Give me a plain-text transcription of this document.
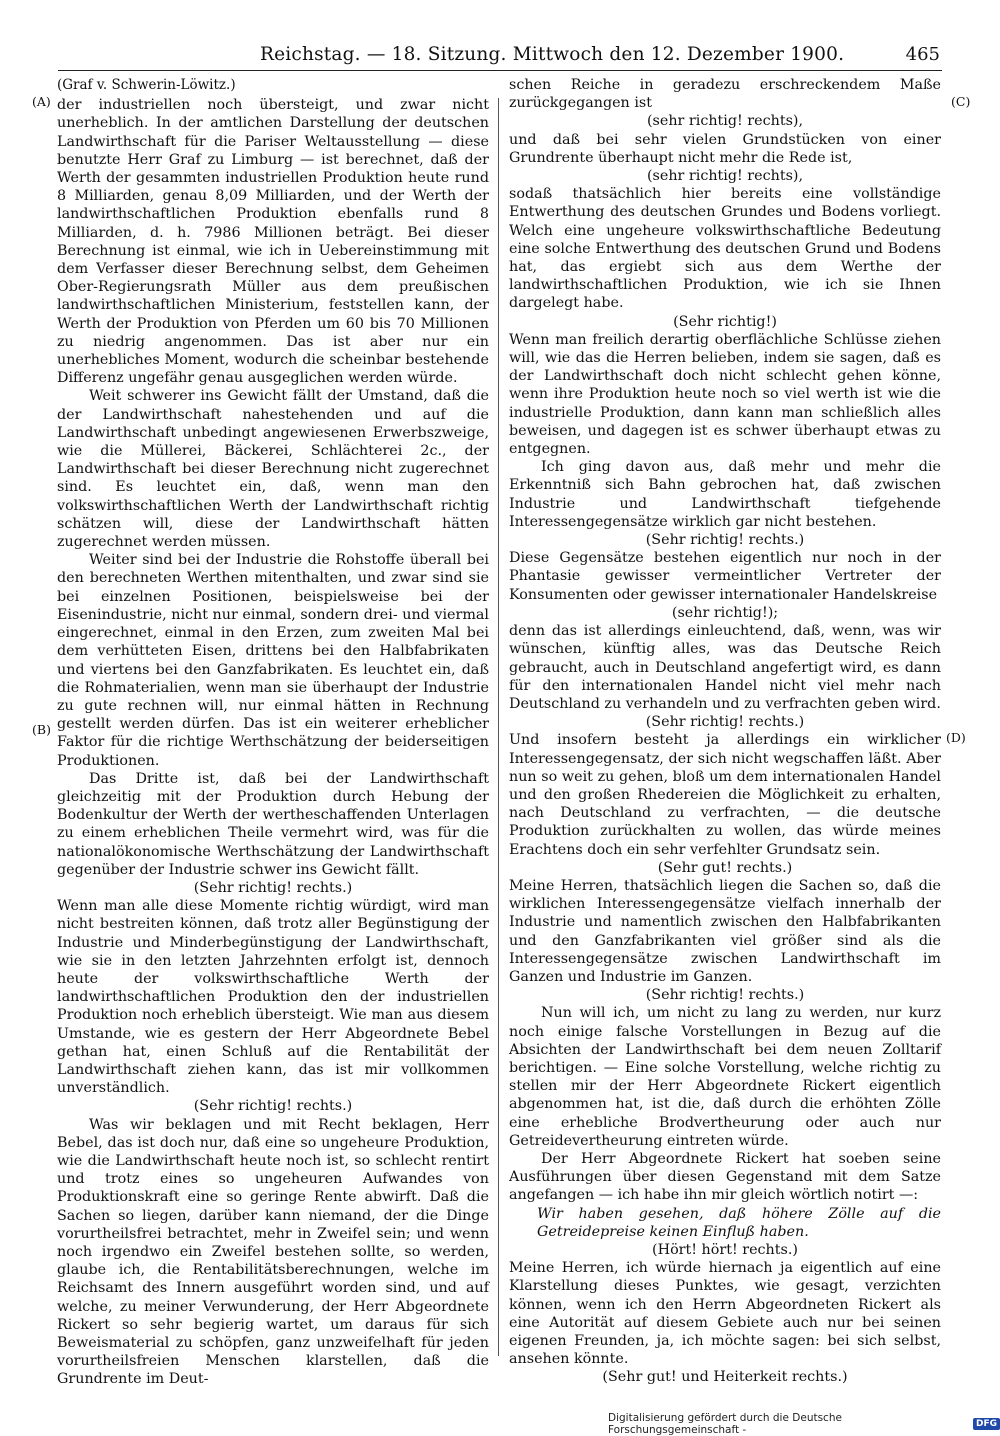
Reichstag. — 18. Sitzung. Mittwoch den 12. Dezember 1900.	465
(A)
(B)
(C)
(D)

(Graf v. Schwerin-Löwitz.)

der industriellen noch übersteigt, und zwar nicht unerheblich. In der amtlichen Darstellung der deutschen Landwirthschaft für die Pariser Weltausstellung — diese benutzte Herr Graf zu Limburg — ist berechnet, daß der Werth der gesammten industriellen Produktion heute rund 8 Milliarden, genau 8,09 Milliarden, und der Werth der landwirthschaftlichen Produktion ebenfalls rund 8 Milliarden, d. h. 7986 Millionen beträgt. Bei dieser Berechnung ist einmal, wie ich in Uebereinstimmung mit dem Verfasser dieser Berechnung selbst, dem Geheimen Ober-Regierungsrath Müller aus dem preußischen landwirthschaftlichen Ministerium, feststellen kann, der Werth der Produktion von Pferden um 60 bis 70 Millionen zu niedrig angenommen. Das ist aber nur ein unerhebliches Moment, wodurch die scheinbar bestehende Differenz ungefähr genau ausgeglichen werden würde.

Weit schwerer ins Gewicht fällt der Umstand, daß die der Landwirthschaft nahestehenden und auf die Landwirthschaft unbedingt angewiesenen Erwerbszweige, wie die Müllerei, Bäckerei, Schlächterei 2c., der Landwirthschaft bei dieser Berechnung nicht zugerechnet sind. Es leuchtet ein, daß, wenn man den volkswirthschaftlichen Werth der Landwirthschaft richtig schätzen will, diese der Landwirthschaft hätten zugerechnet werden müssen.

Weiter sind bei der Industrie die Rohstoffe überall bei den berechneten Werthen mitenthalten, und zwar sind sie bei einzelnen Positionen, beispielsweise bei der Eisenindustrie, nicht nur einmal, sondern drei- und viermal eingerechnet, einmal in den Erzen, zum zweiten Mal bei dem verhütteten Eisen, drittens bei den Halbfabrikaten und viertens bei den Ganzfabrikaten. Es leuchtet ein, daß die Rohmaterialien, wenn man sie überhaupt der Industrie zu gute rechnen will, nur einmal hätten in Rechnung gestellt werden dürfen. Das ist ein weiterer erheblicher Faktor für die richtige Werthschätzung der beiderseitigen Produktionen.

Das Dritte ist, daß bei der Landwirthschaft gleichzeitig mit der Produktion durch Hebung der Bodenkultur der Werth der wertheschaffenden Unterlagen zu einem erheblichen Theile vermehrt wird, was für die nationalökonomische Werthschätzung der Landwirthschaft gegenüber der Industrie schwer ins Gewicht fällt.

(Sehr richtig! rechts.)

Wenn man alle diese Momente richtig würdigt, wird man nicht bestreiten können, daß trotz aller Begünstigung der Industrie und Minderbegünstigung der Landwirthschaft, wie sie in den letzten Jahrzehnten erfolgt ist, dennoch heute der volkswirthschaftliche Werth der landwirthschaftlichen Produktion den der industriellen Produktion noch erheblich übersteigt. Wie man aus diesem Umstande, wie es gestern der Herr Abgeordnete Bebel gethan hat, einen Schluß auf die Rentabilität der Landwirthschaft ziehen kann, das ist mir vollkommen unverständlich.

(Sehr richtig! rechts.)

Was wir beklagen und mit Recht beklagen, Herr Bebel, das ist doch nur, daß eine so ungeheure Produktion, wie die Landwirthschaft heute noch ist, so schlecht rentirt und trotz eines so ungeheuren Aufwandes von Produktionskraft eine so geringe Rente abwirft. Daß die Sachen so liegen, darüber kann niemand, der die Dinge vorurtheilsfrei betrachtet, mehr in Zweifel sein; und wenn noch irgendwo ein Zweifel bestehen sollte, so werden, glaube ich, die Rentabilitätsberechnungen, welche im Reichsamt des Innern ausgeführt worden sind, und auf welche, zu meiner Verwunderung, der Herr Abgeordnete Rickert so sehr begierig wartet, um daraus für sich Beweismaterial zu schöpfen, ganz unzweifelhaft für jeden vorurtheilsfreien Menschen klarstellen, daß die Grundrente im Deut-

schen Reiche in geradezu erschreckendem Maße zurückgegangen ist

(sehr richtig! rechts),

und daß bei sehr vielen Grundstücken von einer Grundrente überhaupt nicht mehr die Rede ist,

(sehr richtig! rechts),

sodaß thatsächlich hier bereits eine vollständige Entwerthung des deutschen Grundes und Bodens vorliegt. Welch eine ungeheure volkswirthschaftliche Bedeutung eine solche Entwerthung des deutschen Grund und Bodens hat, das ergiebt sich aus dem Werthe der landwirthschaftlichen Produktion, wie ich sie Ihnen dargelegt habe.

(Sehr richtig!)

Wenn man freilich derartig oberflächliche Schlüsse ziehen will, wie das die Herren belieben, indem sie sagen, daß es der Landwirthschaft doch nicht schlecht gehen könne, wenn ihre Produktion heute noch so viel werth ist wie die industrielle Produktion, dann kann man schließlich alles beweisen, und dagegen ist es schwer überhaupt etwas zu entgegnen.

Ich ging davon aus, daß mehr und mehr die Erkenntniß sich Bahn gebrochen hat, daß zwischen Industrie und Landwirthschaft tiefgehende Interessengegensätze wirklich gar nicht bestehen.

(Sehr richtig! rechts.)

Diese Gegensätze bestehen eigentlich nur noch in der Phantasie gewisser vermeintlicher Vertreter der Konsumenten oder gewisser internationaler Handelskreise

(sehr richtig!);

denn das ist allerdings einleuchtend, daß, wenn, was wir wünschen, künftig alles, was das Deutsche Reich gebraucht, auch in Deutschland angefertigt wird, es dann für den internationalen Handel nicht viel mehr nach Deutschland zu verhandeln und zu verfrachten geben wird.

(Sehr richtig! rechts.)

Und insofern besteht ja allerdings ein wirklicher Interessengegensatz, der sich nicht wegschaffen läßt. Aber nun so weit zu gehen, bloß um dem internationalen Handel und den großen Rhedereien die Möglichkeit zu erhalten, nach Deutschland zu verfrachten, — die deutsche Produktion zurückhalten zu wollen, das würde meines Erachtens doch ein sehr verfehlter Grundsatz sein.

(Sehr gut! rechts.)

Meine Herren, thatsächlich liegen die Sachen so, daß die wirklichen Interessengegensätze vielfach innerhalb der Industrie und namentlich zwischen den Halbfabrikanten und den Ganzfabrikanten viel größer sind als die Interessengegensätze zwischen Landwirthschaft im Ganzen und Industrie im Ganzen.

(Sehr richtig! rechts.)

Nun will ich, um nicht zu lang zu werden, nur kurz noch einige falsche Vorstellungen in Bezug auf die Absichten der Landwirthschaft bei dem neuen Zolltarif berichtigen. — Eine solche Vorstellung, welche richtig zu stellen mir der Herr Abgeordnete Rickert eigentlich abgenommen hat, ist die, daß durch die erhöhten Zölle eine erhebliche Brodvertheurung oder auch nur Getreidevertheurung eintreten würde.

Der Herr Abgeordnete Rickert hat soeben seine Ausführungen über diesen Gegenstand mit dem Satze angefangen — ich habe ihn mir gleich wörtlich notirt —:

Wir haben gesehen, daß höhere Zölle auf die Getreidepreise keinen Einfluß haben.

(Hört! hört! rechts.)

Meine Herren, ich würde hiernach ja eigentlich auf eine Klarstellung dieses Punktes, wie gesagt, verzichten können, wenn ich den Herrn Abgeordneten Rickert als eine Autorität auf diesem Gebiete auch nur bei seinen eigenen Freunden, ja, ich möchte sagen: bei sich selbst, ansehen könnte.

(Sehr gut! und Heiterkeit rechts.)

Digitalisierung gefördert durch die Deutsche Forschungsgemeinschaft -	DFG
